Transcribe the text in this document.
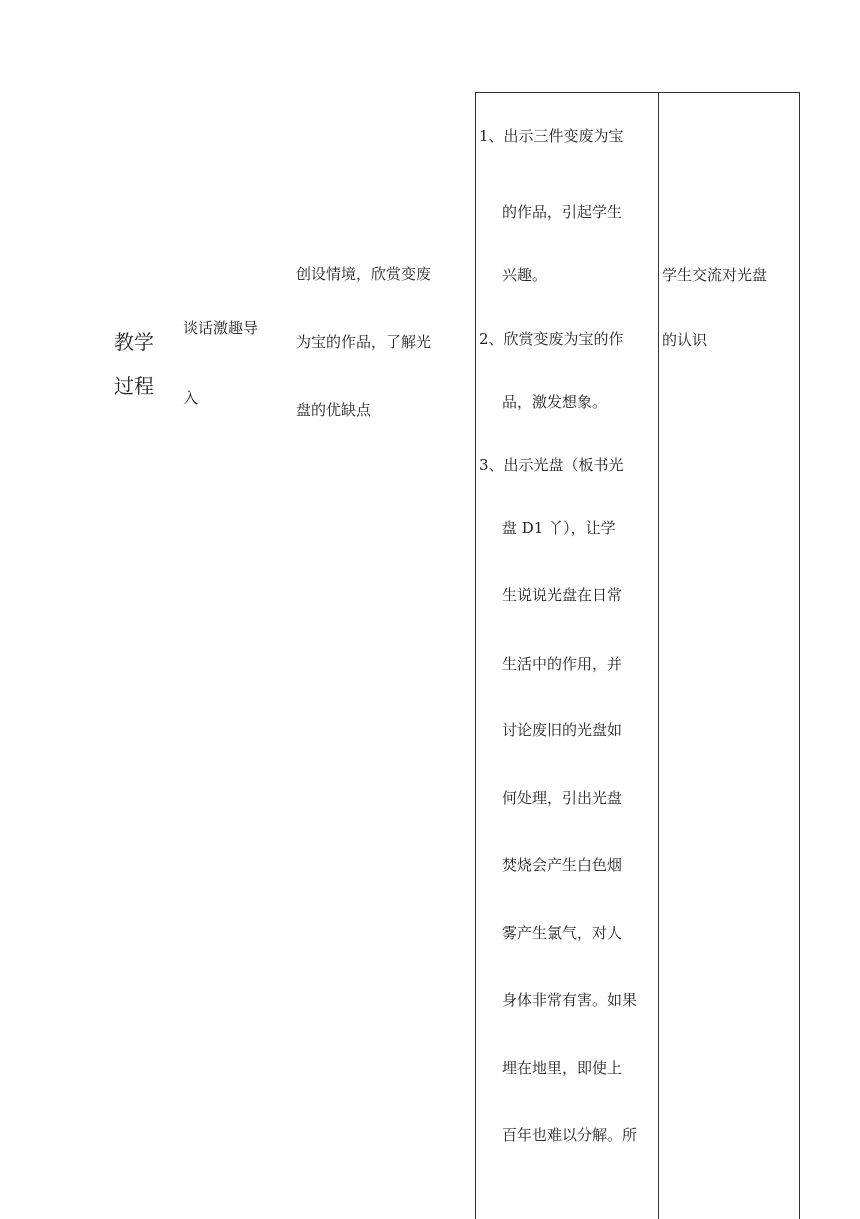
教学
过程
谈话激趣导
入
创设情境，欣赏变废
为宝的作品，了解光
盘的优缺点
1、出示三件变废为宝
的作品，引起学生
兴趣。
2、欣赏变废为宝的作
品，激发想象。
3、出示光盘（板书光
盘 D1 丫），让学
生说说光盘在日常
生活中的作用，并
讨论废旧的光盘如
何处理，引出光盘
焚烧会产生白色烟
雾产生氯气，对人
身体非常有害。如果
埋在地里，即使上
百年也难以分解。所
学生交流对光盘
的认识
